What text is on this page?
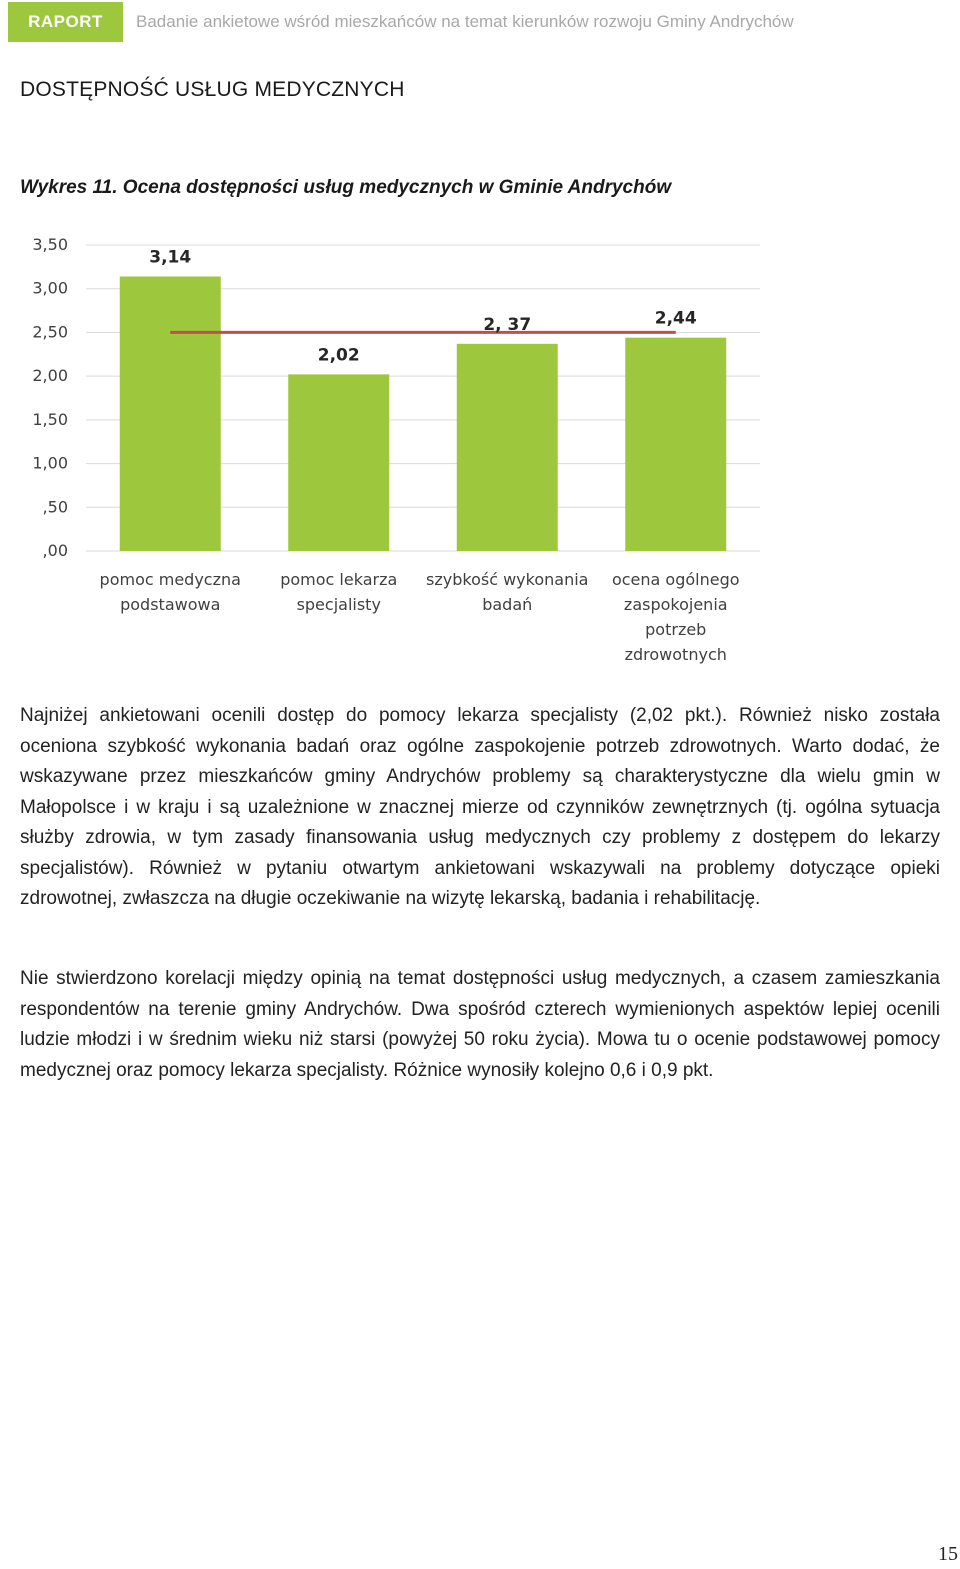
RAPORT	Badanie ankietowe wśród mieszkańców na temat kierunków rozwoju Gminy Andrychów
DOSTĘPNOŚĆ USŁUG MEDYCZNYCH
Wykres 11. Ocena dostępności usług medycznych w Gminie Andrychów
,00
,50
1,00
1,50
2,00
2,50
3,00
3,50
3,14
2,02
2, 37	2,44
pomoc medyczna
podstawowa
pomoc lekarza
specjalisty
szybkość wykonania
badań
ocena ogólnego
zaspokojenia
potrzeb
zdrowotnych

Najniżej ankietowani ocenili dostęp do pomocy lekarza specjalisty (2,02 pkt.). Również nisko została oceniona szybkość wykonania badań oraz ogólne zaspokojenie potrzeb zdrowotnych. Warto dodać, że wskazywane przez mieszkańców gminy Andrychów problemy są charakterystyczne dla wielu gmin w Małopolsce i w kraju i są uzależnione w znacznej mierze od czynników zewnętrznych (tj. ogólna sytuacja służby zdrowia, w tym zasady finansowania usług medycznych czy problemy z dostępem do lekarzy specjalistów). Również w pytaniu otwartym ankietowani wskazywali na problemy dotyczące opieki zdrowotnej, zwłaszcza na długie oczekiwanie na wizytę lekarską, badania i rehabilitację.

Nie stwierdzono korelacji między opinią na temat dostępności usług medycznych, a czasem zamieszkania respondentów na terenie gminy Andrychów. Dwa spośród czterech wymienionych aspektów lepiej ocenili ludzie młodzi i w średnim wieku niż starsi (powyżej 50 roku życia). Mowa tu o ocenie podstawowej pomocy medycznej oraz pomocy lekarza specjalisty. Różnice wynosiły kolejno 0,6 i 0,9 pkt.

15
